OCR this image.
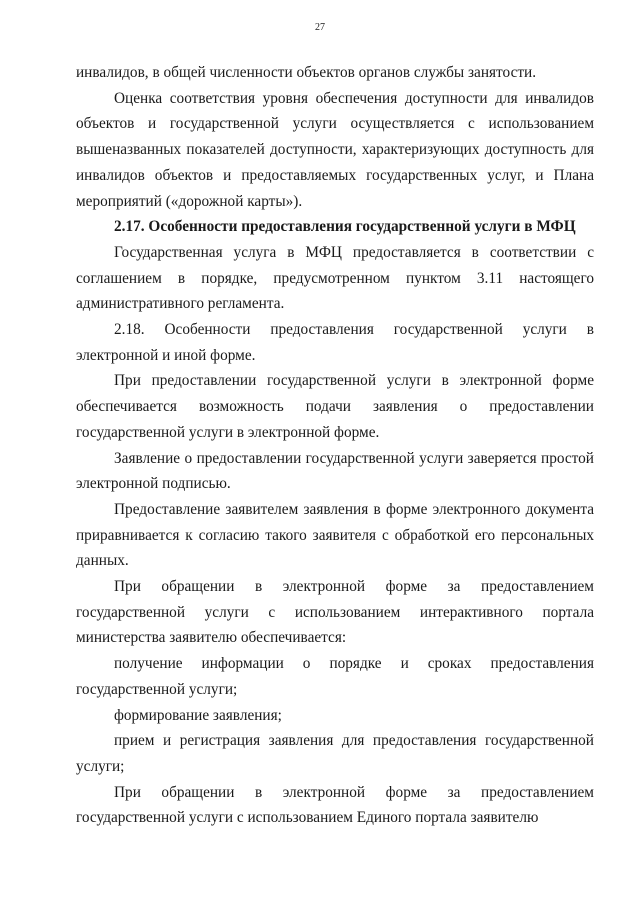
27

инвалидов, в общей численности объектов органов службы занятости.

Оценка соответствия уровня обеспечения доступности для инвалидов объектов и государственной услуги осуществляется с использованием вышеназванных показателей доступности, характеризующих доступность для инвалидов объектов и предоставляемых государственных услуг, и Плана мероприятий («дорожной карты»).

2.17. Особенности предоставления государственной услуги в МФЦ

Государственная услуга в МФЦ предоставляется в соответствии с соглашением в порядке, предусмотренном пунктом 3.11 настоящего административного регламента.

2.18. Особенности предоставления государственной услуги в электронной и иной форме.

При предоставлении государственной услуги в электронной форме обеспечивается возможность подачи заявления о предоставлении государственной услуги в электронной форме.

Заявление о предоставлении государственной услуги заверяется простой электронной подписью.

Предоставление заявителем заявления в форме электронного документа приравнивается к согласию такого заявителя с обработкой его персональных данных.

При обращении в электронной форме за предоставлением государственной услуги с использованием интерактивного портала министерства заявителю обеспечивается:

получение информации о порядке и сроках предоставления государственной услуги;

формирование заявления;

прием и регистрация заявления для предоставления государственной услуги;

При обращении в электронной форме за предоставлением государственной услуги с использованием Единого портала заявителю
